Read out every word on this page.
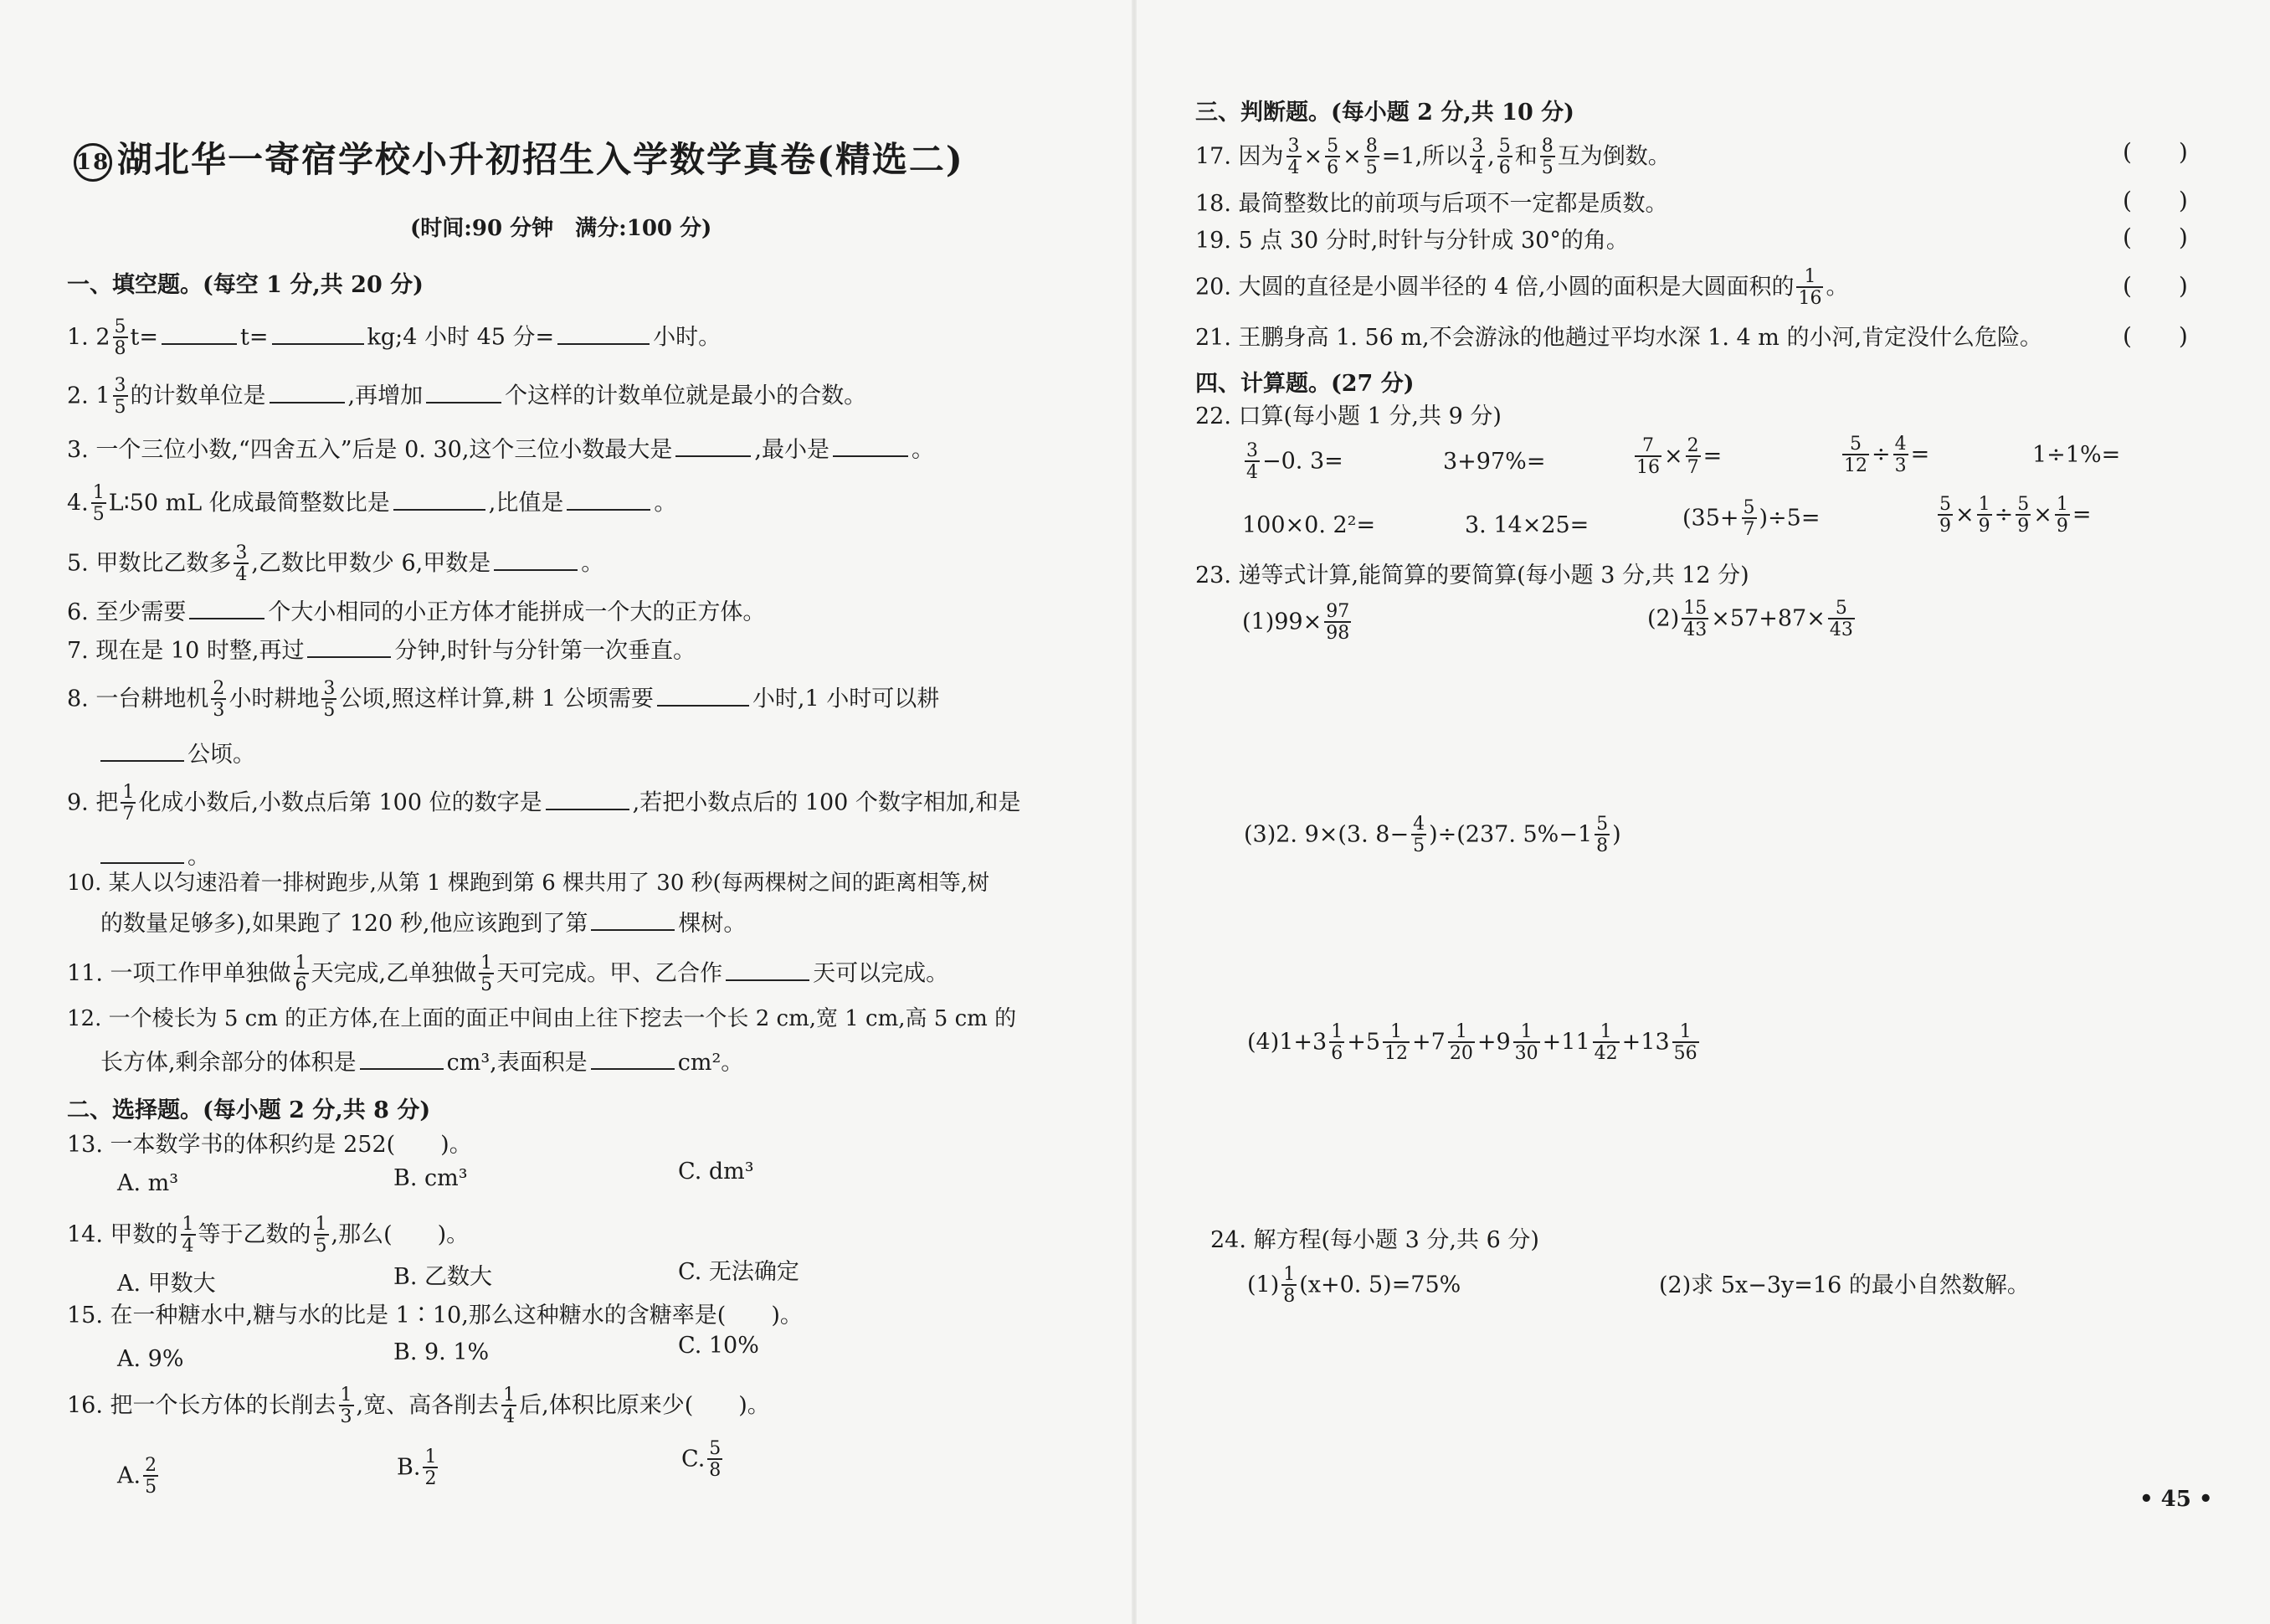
18 湖北华一寄宿学校小升初招生入学数学真卷(精选二)
(时间:90 分钟　满分:100 分)
一、填空题。(每空 1 分,共 20 分)
1. $2 \frac{5}{8} t=$	t=	kg;4 小时 45 分=	小时。
2. $1 \frac{3}{5}$ 的计数单位是	,再增加	个这样的计数单位就是最小的合数。
3. 一个三位小数,“四舍五入”后是 0. 30,这个三位小数最大是	,最小是	。
4. $\frac{1}{5}$ L∶50 mL 化成最简整数比是	,比值是	。
5. 甲数比乙数多 $\frac{3}{4}$ ,乙数比甲数少 6,甲数是	。
6. 至少需要	个大小相同的小正方体才能拼成一个大的正方体。
7. 现在是 10 时整,再过	分钟,时针与分针第一次垂直。
8. 一台耕地机 $\frac{2}{3}$ 小时耕地 $\frac{3}{5}$ 公顷,照这样计算,耕 1 公顷需要	小时,1 小时可以耕
公顷。
9. 把 $\frac{1}{7}$ 化成小数后,小数点后第 100 位的数字是	,若把小数点后的 100 个数字相加,和是
。
10. 某人以匀速沿着一排树跑步,从第 1 棵跑到第 6 棵共用了 30 秒(每两棵树之间的距离相等,树
的数量足够多),如果跑了 120 秒,他应该跑到了第	棵树。
11. 一项工作甲单独做 $\frac{1}{6}$ 天完成,乙单独做 $\frac{1}{5}$ 天可完成。甲、乙合作	天可以完成。
12. 一个棱长为 5 cm 的正方体,在上面的面正中间由上往下挖去一个长 2 cm,宽 1 cm,高 5 cm 的
长方体,剩余部分的体积是	cm³,表面积是	cm²。
二、选择题。(每小题 2 分,共 8 分)
13. 一本数学书的体积约是 252(　　)。
A. m³	B. cm³	C. dm³
14. 甲数的 $\frac{1}{4}$ 等于乙数的 $\frac{1}{5}$ ,那么(　　)。
A. 甲数大	B. 乙数大	C. 无法确定
15. 在一种糖水中,糖与水的比是 1∶10,那么这种糖水的含糖率是(　　)。
A. 9%	B. 9. 1%	C. 10%
16. 把一个长方体的长削去 $\frac{1}{3}$ ,宽、高各削去 $\frac{1}{4}$ 后,体积比原来少(　　)。
A. $\frac{2}{5}$	B. $\frac{1}{2}$	C. $\frac{5}{8}$
三、判断题。(每小题 2 分,共 10 分)
17. 因为 $\frac{3}{4} \times \frac{5}{6} \times \frac{8}{5} =1$,所以 $\frac{3}{4}$ , $\frac{5}{6}$ 和 $\frac{8}{5}$ 互为倒数。	(　　)
18. 最简整数比的前项与后项不一定都是质数。	(　　)
19. 5 点 30 分时,时针与分针成 30°的角。	(　　)
20. 大圆的直径是小圆半径的 4 倍,小圆的面积是大圆面积的 $\frac{1}{16}$ 。	(　　)
21. 王鹏身高 1. 56 m,不会游泳的他趟过平均水深 1. 4 m 的小河,肯定没什么危险。	(　　)
四、计算题。(27 分)
22. 口算(每小题 1 分,共 9 分)
$\frac{3}{4} -0$. 3=	3+97%=	$\frac{7}{16} \times \frac{2}{7}$ =	$\frac{5}{12} \div \frac{4}{3}$ =	1÷1%=
100×0. 2²=	3. 14×25=	$(35+ \frac{5}{7} )\div 5=$	$\frac{5}{9} \times \frac{1}{9} \div \frac{5}{9} \times \frac{1}{9}$ =
23. 递等式计算,能简算的要简算(每小题 3 分,共 12 分)
$(1)99\times \frac{97}{98}$	$(2) \frac{15}{43} \times 57+87\times \frac{5}{43}$
(3)2. 9×(3. $8- \frac{4}{5} )\div(237$. $5\%-1 \frac{5}{8}$ )
$(4)1+3 \frac{1}{6} +5 \frac{1}{12} +7 \frac{1}{20} +9 \frac{1}{30} +11 \frac{1}{42} +13 \frac{1}{56}$
24. 解方程(每小题 3 分,共 6 分)
$(1) \frac{1}{8} (x+0$. 5)=75%	(2)求 5x−3y=16 的最小自然数解。
• 45 •
